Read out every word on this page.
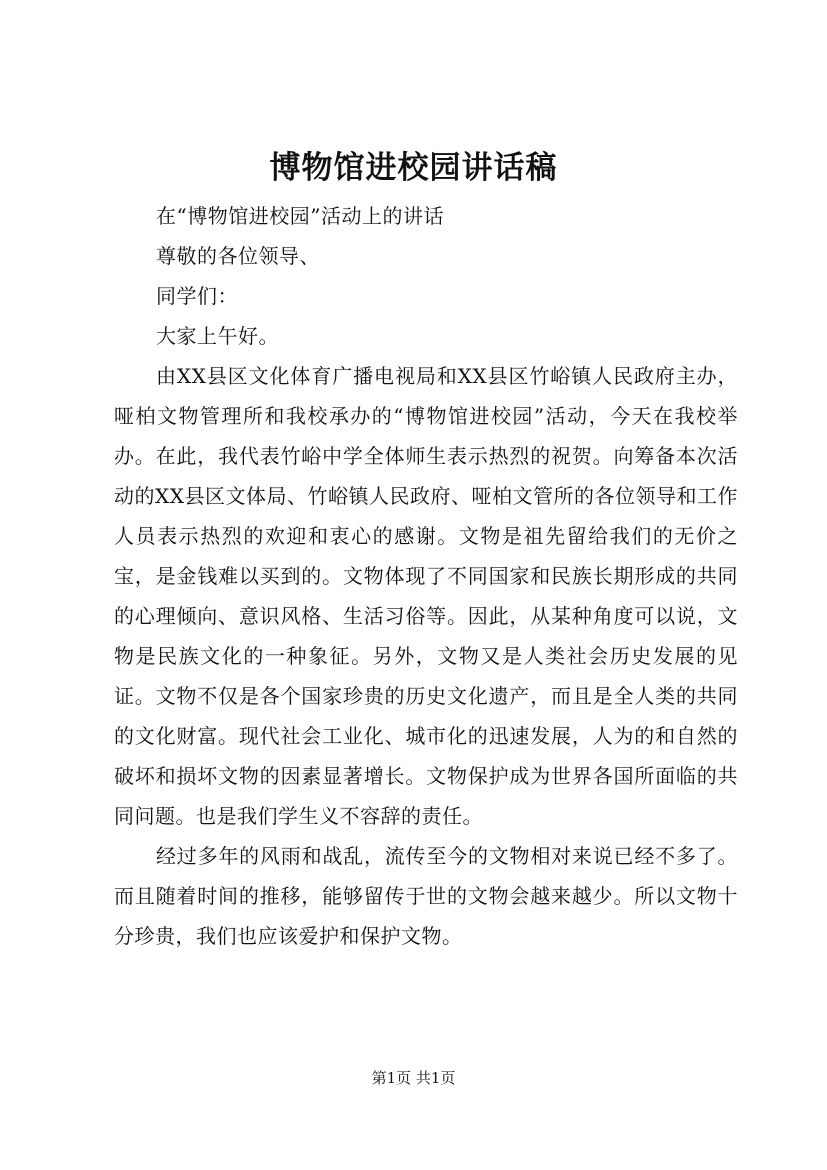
博物馆进校园讲话稿

在“博物馆进校园”活动上的讲话

尊敬的各位领导、

同学们：

大家上午好。

由XX县区文化体育广播电视局和XX县区竹峪镇人民政府主办，哑柏文物管理所和我校承办的“博物馆进校园”活动，今天在我校举办。在此，我代表竹峪中学全体师生表示热烈的祝贺。向筹备本次活动的XX县区文体局、竹峪镇人民政府、哑柏文管所的各位领导和工作人员表示热烈的欢迎和衷心的感谢。文物是祖先留给我们的无价之宝，是金钱难以买到的。文物体现了不同国家和民族长期形成的共同的心理倾向、意识风格、生活习俗等。因此，从某种角度可以说，文物是民族文化的一种象征。另外，文物又是人类社会历史发展的见证。文物不仅是各个国家珍贵的历史文化遗产，而且是全人类的共同的文化财富。现代社会工业化、城市化的迅速发展，人为的和自然的破坏和损坏文物的因素显著增长。文物保护成为世界各国所面临的共同问题。也是我们学生义不容辞的责任。

经过多年的风雨和战乱，流传至今的文物相对来说已经不多了。而且随着时间的推移，能够留传于世的文物会越来越少。所以文物十分珍贵，我们也应该爱护和保护文物。

第1页 共1页
